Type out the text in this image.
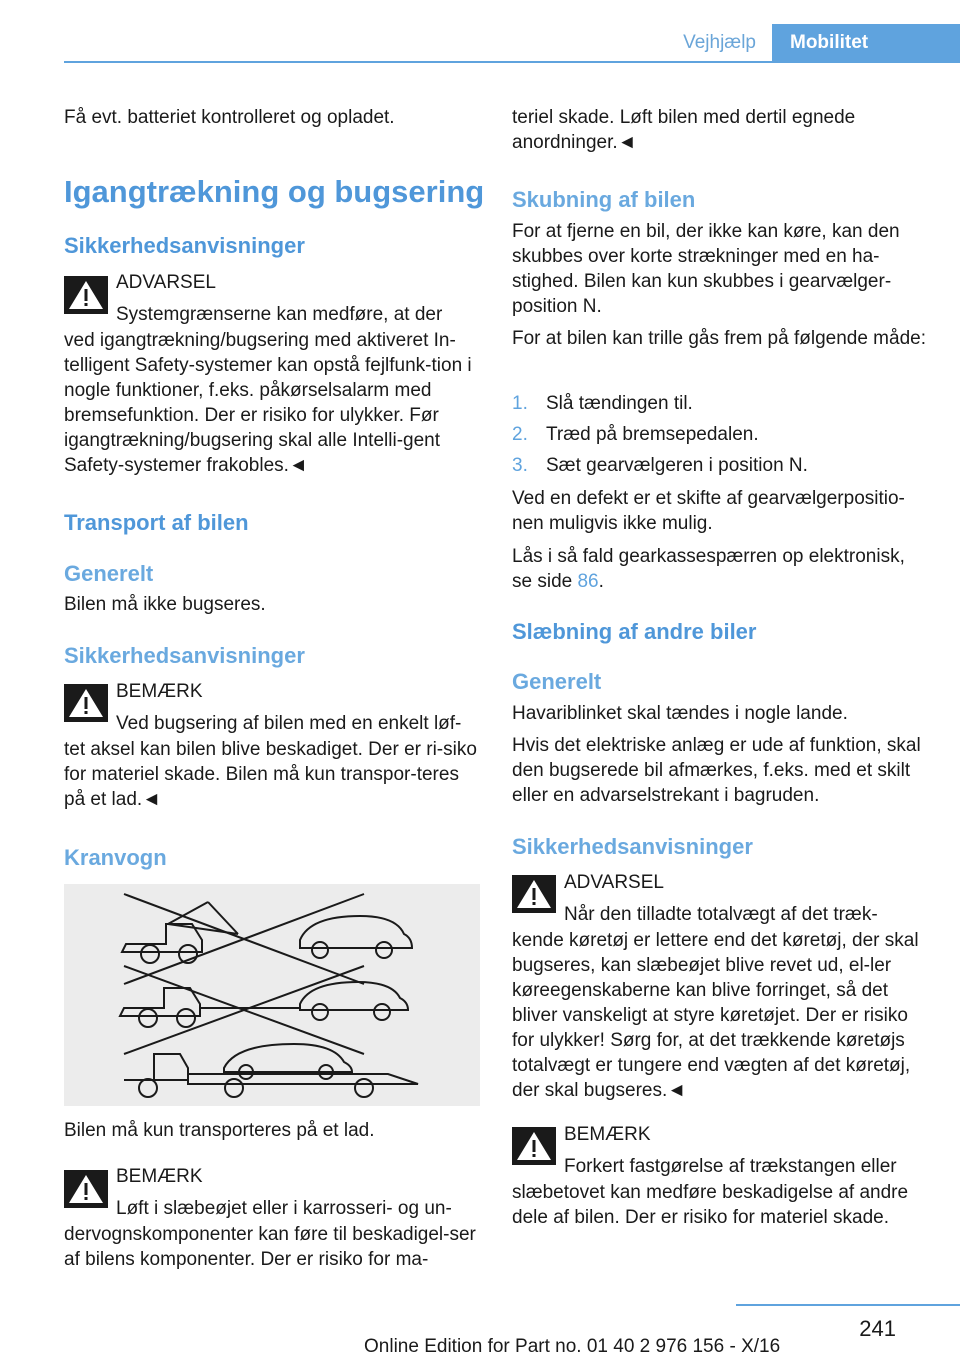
Vejhjælp	Mobilitet

Få evt. batteriet kontrolleret og opladet.

Igangtrækning og bugsering
Sikkerhedsanvisninger

ADVARSEL

Systemgrænserne kan medføre, at der

ved igangtrækning/bugsering med aktiveret In-telligent Safety-systemer kan opstå fejlfunk-tion i nogle funktioner, f.eks. påkørselsalarm med bremsefunktion. Der er risiko for ulykker. Før igangtrækning/bugsering skal alle Intelli-gent Safety-systemer frakobles.◄

Transport af bilen
Generelt

Bilen må ikke bugseres.

Sikkerhedsanvisninger

BEMÆRK

Ved bugsering af bilen med en enkelt løf-

tet aksel kan bilen blive beskadiget. Der er ri-siko for materiel skade. Bilen må kun transpor-teres på et lad.◄

Kranvogn

Bilen må kun transporteres på et lad.

BEMÆRK

Løft i slæbeøjet eller i karrosseri- og un-

dervognskomponenter kan føre til beskadigel-ser af bilens komponenter. Der er risiko for ma-

teriel skade. Løft bilen med dertil egnede anordninger.◄

Skubning af bilen

For at fjerne en bil, der ikke kan køre, kan den skubbes over korte strækninger med en ha-stighed. Bilen kan kun skubbes i gearvælger-position N.

For at bilen kan trille gås frem på følgende måde:

1. Slå tændingen til.
2. Træd på bremsepedalen.
3. Sæt gearvælgeren i position N.

Ved en defekt er et skifte af gearvælgerpositio-nen muligvis ikke mulig.

Lås i så fald gearkassespærren op elektronisk, se side 86.

Slæbning af andre biler
Generelt

Havariblinket skal tændes i nogle lande.

Hvis det elektriske anlæg er ude af funktion, skal den bugserede bil afmærkes, f.eks. med et skilt eller en advarselstrekant i bagruden.

Sikkerhedsanvisninger

ADVARSEL

Når den tilladte totalvægt af det træk-

kende køretøj er lettere end det køretøj, der skal bugseres, kan slæbeøjet blive revet ud, el-ler køreegenskaberne kan blive forringet, så det bliver vanskeligt at styre køretøjet. Der er risiko for ulykker! Sørg for, at det trækkende køretøjs totalvægt er tungere end vægten af det køretøj, der skal bugseres.◄

BEMÆRK

Forkert fastgørelse af trækstangen eller

slæbetovet kan medføre beskadigelse af andre dele af bilen. Der er risiko for materiel skade.

241
Online Edition for Part no. 01 40 2 976 156 - X/16
